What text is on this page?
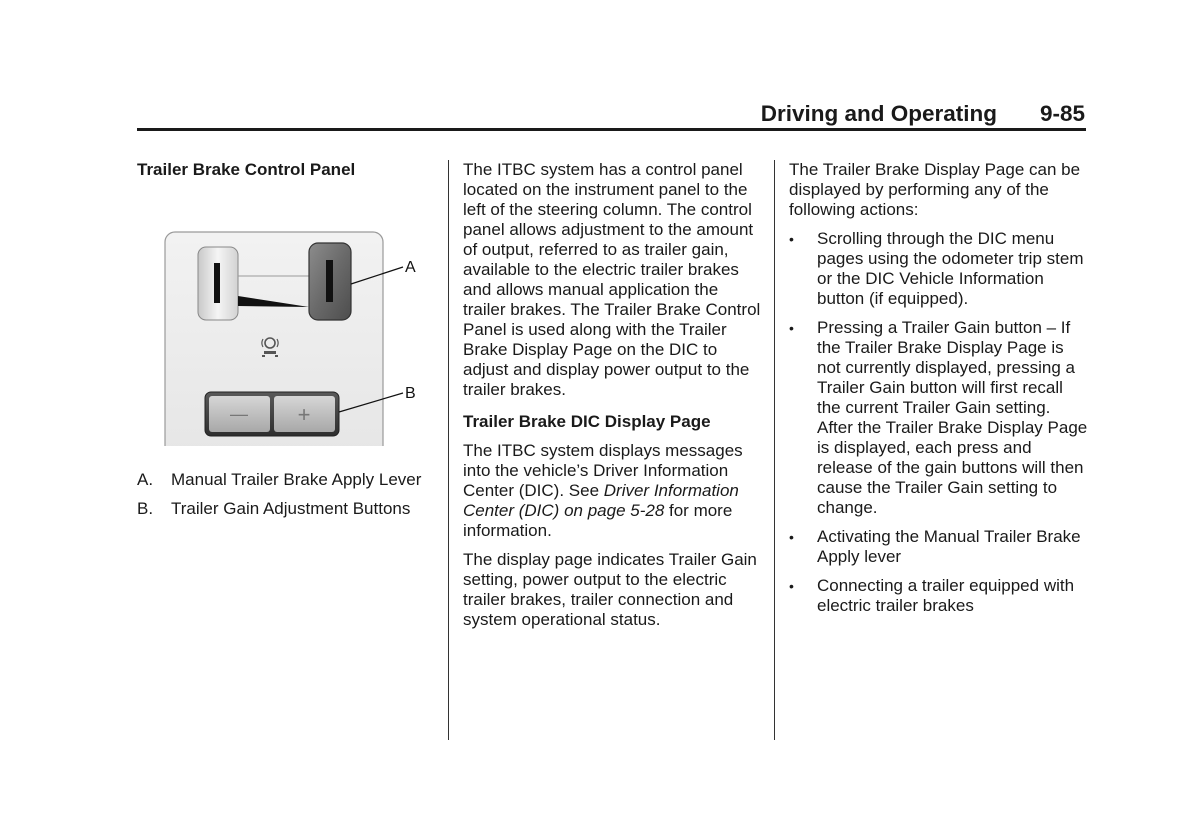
Driving and Operating 9-85
Trailer Brake Control Panel
A
— +
B
A.	Manual Trailer Brake Apply Lever
B.	Trailer Gain Adjustment Buttons

The ITBC system has a control panel located on the instrument panel to the left of the steering column. The control panel allows adjustment to the amount of output, referred to as trailer gain, available to the electric trailer brakes and allows manual application the trailer brakes. The Trailer Brake Control Panel is used along with the Trailer Brake Display Page on the DIC to adjust and display power output to the trailer brakes.

Trailer Brake DIC Display Page

The ITBC system displays messages into the vehicle’s Driver Information Center (DIC). See Driver Information Center (DIC) on page 5-28 for more information.

The display page indicates Trailer Gain setting, power output to the electric trailer brakes, trailer connection and system operational status.

The Trailer Brake Display Page can be displayed by performing any of the following actions:

• Scrolling through the DIC menu pages using the odometer trip stem or the DIC Vehicle Information button (if equipped).
• Pressing a Trailer Gain button – If the Trailer Brake Display Page is not currently displayed, pressing a Trailer Gain button will first recall the current Trailer Gain setting. After the Trailer Brake Display Page is displayed, each press and release of the gain buttons will then cause the Trailer Gain setting to change.
• Activating the Manual Trailer Brake Apply lever
• Connecting a trailer equipped with electric trailer brakes
